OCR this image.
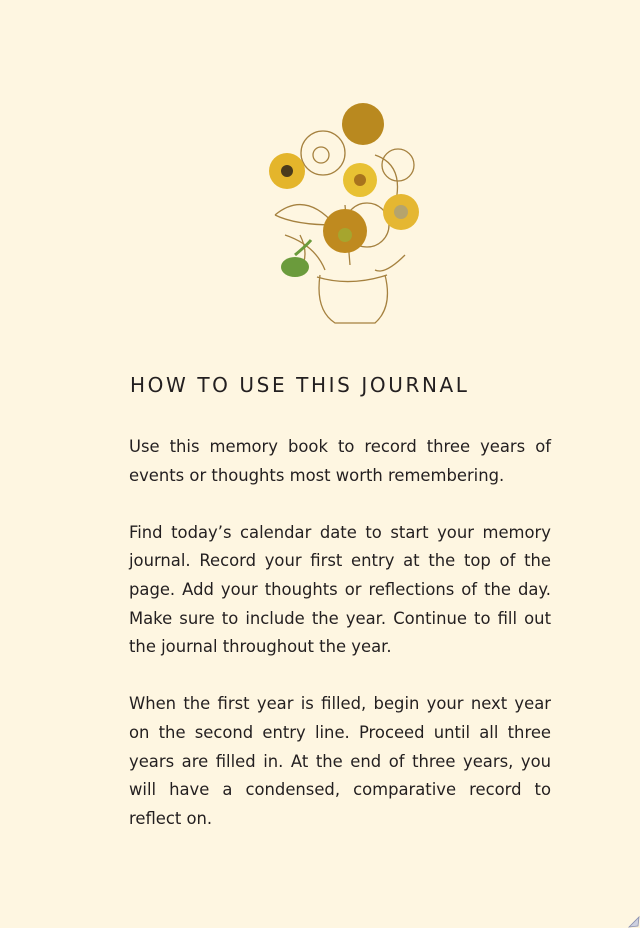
HOW TO USE THIS JOURNAL

Use this memory book to record three years of events or thoughts most worth remembering.

Find today’s calendar date to start your memory journal. Record your first entry at the top of the page. Add your thoughts or reflections of the day. Make sure to include the year. Continue to fill out the journal throughout the year.

When the first year is filled, begin your next year on the second entry line. Proceed until all three years are filled in. At the end of three years, you will have a condensed, comparative record to reflect on.
